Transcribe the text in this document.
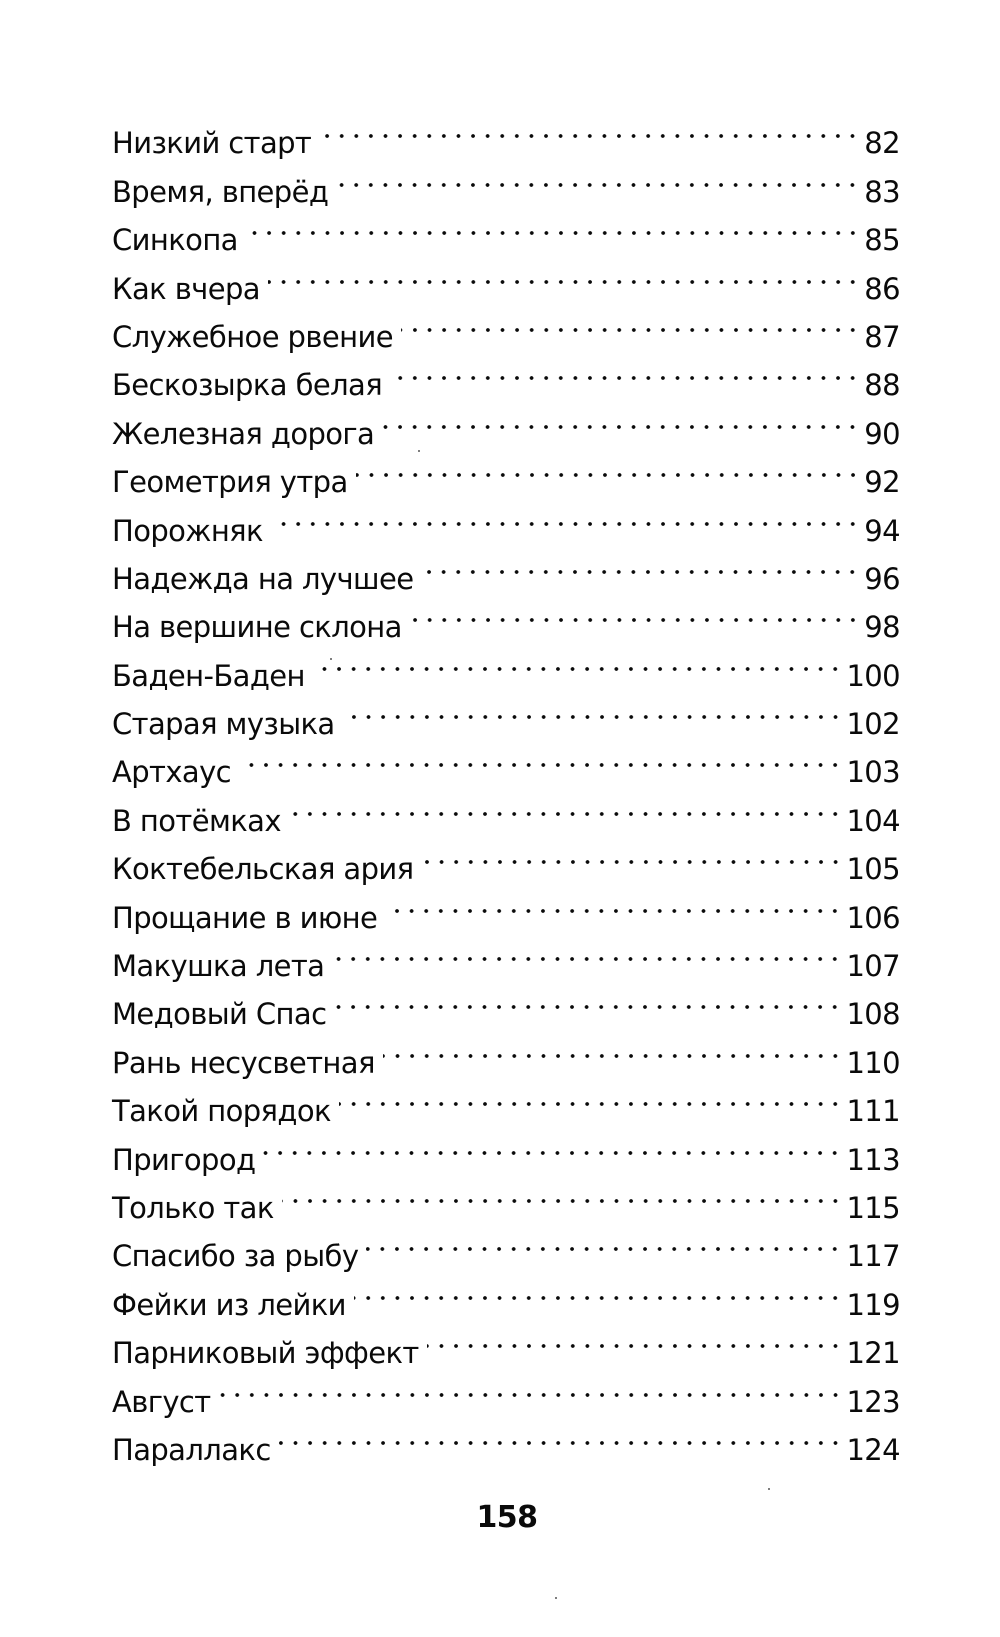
Низкий старт	82
Время, вперёд	83
Синкопа	85
Как вчера	86
Служебное рвение	87
Бескозырка белая	88
Железная дорога	90
Геометрия утра	92
Порожняк	94
Надежда на лучшее	96
На вершине склона	98
Баден-Баден	100
Старая музыка	102
Артхаус	103
В потёмках	104
Коктебельская ария	105
Прощание в июне	106
Макушка лета	107
Медовый Спас	108
Рань несусветная	110
Такой порядок	111
Пригород	113
Только так	115
Спасибо за рыбу	117
Фейки из лейки	119
Парниковый эффект	121
Август	123
Параллакс	124
158
